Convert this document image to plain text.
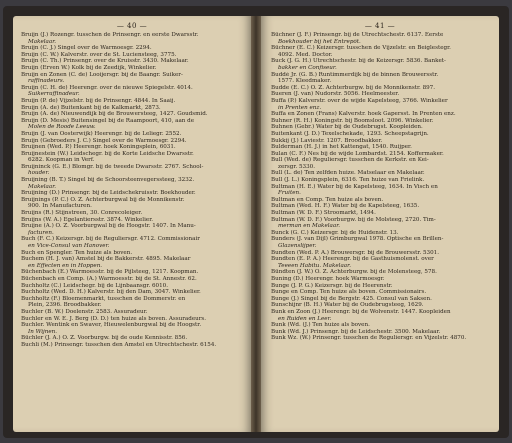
— 40 —
Bruijn (J.) Rozengr. tusschen de Prinsengr. en eerste Dwarsstr.
Makelaar.
Bruijn (C. J.) Singel over de Warmoesgr. 2294.
Bruijn (C. W.) Kalverstr. over de St. Luciensteeg, 3775.
Bruijn (C. Th.) Prinsengr. over de Kruisstr. 3430. Makelaar.
Bruijn (Erven W.) Kolk bij de Zeedijk, Winkelier.
Bruijn en Zonen (C. de) Looijersgr. bij de Baangr. Suiker-
raffinadeurs.
Bruijn (C. H. de) Heerengr. over de nieuwe Spiegelstr. 4014.
Suikerraffinadeur.
Bruijn (P. de) Vijzelstr. bij de Prinsengr. 4844. In Saaij.
Bruijn (A. de) Buitenkant bij de Kalkmarkt, 2873.
Bruijn (A. de) Nieuwendijk bij de Brouwersteeg, 1427. Goudsmid.
Bruijn (D. Mesis) Buitensingel bij de Raampoort, 410, aan de
Molen de Roode Leeuw.
Bruijn (J. van Oosterwijk) Heerengr. bij de Leliegr. 2552.
Bruijn (Gebroeders J. C.) Singel over de Warmoesgr. 2294.
Bruijnen (Wed. P.) Heerengr. hoek Koningsplein, 6031.
Bruijnestein (W.) Leidschegr. bij de Korte Leidsche Dwarsstr.
6282. Koopman in Verf.
Bruijninck (G. E.) Blomgr. bij de tweede Dwarsstr. 2767. School-
houder.
Bruijning (B. T.) Singel bij de Schoorsteenvegerssteeg, 3232.
Makelaar.
Bruijning (D.) Prinsengr. bij de Leidschekruisstr. Boekhouder.
Bruijnings (P. C.) O. Z. Achterburgwal bij de Monnikenstr.
900. In Manufacturen.
Bruijns (R.) Stijnstreen, 30. Conrecoleiger.
Bruijns (W. A.) Egelantiersstr. 3874. Winkelier.
Bruijne (A.) O. Z. Voorburgwal bij de Hoogstr. 1407. In Manu-
facturen.
Buch (F. C.) Keizersgr. bij de Reguliersgr. 4712. Commissionair
en Vice-Consul van Hanover.
Buch en Spengler. Ten huize als boven.
Buchem (H. J. van) Amstel bij de Bakkerstr. 4895. Makelaar
en Effecten en in Hoppen.
Büchenbach (E.) Warmoesstr. bij de Pijlsteeg, 1217. Koopman.
Büchenbach en Comp. (A.) Warmoesstr. bij de St. Annestr. 62.
Buchholtz (C.) Leidschegr. bij de Lijnbaansgr. 6010.
Buchholtz (Wed. D. H.) Kalverstr. bij den Dam, 3047. Winkelier.
Buchholtz (F.) Bloemenmarkt, tusschen de Dommerstr. en
Plein, 2396. Broodbakker.
Buchler (B. W.) Doelenstr. 2583. Assuradeur.
Buchler en W. E. J. Berg (D. D.) ten huize als boven. Assuradeurs.
Buchler. Wentink en Swaver, Hieuwelenburgwal bij de Hoogstr.
In Wijnen.
Büchler (J. A.) O. Z. Voorburgw. bij de oude Kennisstr. 856.
Buchli (M.) Prinsengr. tusschen den Amstel en Utrechtschestr. 6154.
— 41 —
Büchner (J. F.) Prinsengr. bij de Utrechtschestr. 6137. Eerste
Boekhouder bij het Entrepôt.
Büchner (E. C.) Keizersgr. tusschen de Vijzelstr. en Beiglestegr.
4092. Med. Doctor.
Buck (J. G. H.) Utrechtschestr. bij de Keizersgr. 5836. Banket-
bakker en Confiseur.
Buddé Jr. (G. B.) Runtimmerdijk bij de binnen Brouwersstr.
1577. Kleedmaker.
Budde (E. C.) O. Z. Achterburgw. bij de Monnikenstr. 897.
Bueren (J. van) Nudorstr. 5056. Heelmeester.
Buffa (P.) Kalverstr. over de wijde Kapelsteeg, 3766. Winkelier
in Prenten enz.
Buffa en Zonen (Frans) Kalverstr. hoek Gapersst. In Prenten enz.
Buhner (R. H.) Koningstr. bij Boomsloot. 2096. Winkelier.
Buhnen (Gebr.) Water bij de Oudebrugst. Koopleiden.
Buitenkant (J. D.) Texelschekade, 1293. Scheepstagrijn.
Bukkij (J.) Laviestr. 1207. Broodbakker.
Bulderman (H. J.) in het Kattengat, 1540. Ruijper.
Bulan (C. F.) Nes bij de wijde Lombardst. 2154. Koffermaker.
Bull (Wed. de) Reguliersgr. tusschen de Kerkstr. en Kei-
zersgr. 5330.
Bull (L. de) Ten zelfden huize. Matselaar en Makelaar.
Bull (J. L.) Koningsplein, 6316. Ten huize van Frielink.
Bultman (H. E.) Water bij de Kapelsteeg, 1634. In Visch en
Fruiten.
Bultman en Comp. Ten huize als boven.
Bultman (Wed. H. F.) Water bij de Kapelsteeg, 1635.
Bultman (W. D. F.) Stroomarkt, 1494.
Bultman (W. D. F.) Voorburgw. bij de Molsteeg, 2720. Tim-
merman en Makelaar.
Bunck (G. C.) Keizersgr. bij de Huidenstr. 13.
Bunders (J. van Dijl) Grimburgwal 1978. Optische en Brillen-
Glazenslijper.
Bundten (Wed. P. A.) Brouwersgr. bij de Brouwersstr. 5301.
Bundten (E. P. A.) Heerengr. bij de Gasthuismolenst. over
Teeeen Habitu. Makelaar.
Bündten (J. W.) O. Z. Achterburgw. bij de Molensteeg, 578.
Buning (D.) Heerengr. hoek Warmoesgr.
Bunge (J. P. G.) Keizersgr. bij de Heerenstr.
Bunge en Comp. Ten huize als boven. Commissionairs.
Bunge (J.) Singel bij de Bergstr. 425. Consul van Saksen.
Bunschijnr (B. H.) Water bij de Oudebrugsteeg, 1629.
Bunk en Zoon (J.) Heerengr. bij de Wolvenstr. 1447. Koopleiden
en Ruiden en Leer.
Bunk (Wd. (J.) Ten huize als boven.
Bunk (Wd. J.) Prinsengr. bij de Leidschestr. 3500. Makelaar.
Bunk Wz. (W.) Prinsengr. tusschen de Reguliersgr. en Vijzelstr. 4870.
